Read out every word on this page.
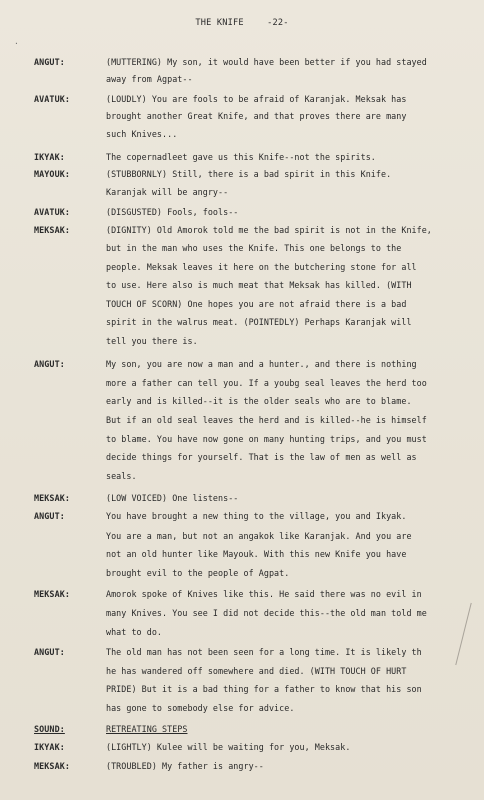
THE KNIFE	-22-
·
ANGUT:	(MUTTERING) My son, it would have been better if you had stayed
away from Agpat--
AVATUK:	(LOUDLY) You are fools to be afraid of Karanjak. Meksak has
brought another Great Knife, and that proves there are many
such Knives...
IKYAK:	The copernadleet gave us this Knife--not the spirits.
MAYOUK:	(STUBBORNLY) Still, there is a bad spirit in this Knife.
Karanjak will be angry--
AVATUK:	(DISGUSTED) Fools, fools--
MEKSAK:	(DIGNITY) Old Amorok told me the bad spirit is not in the Knife,
but in the man who uses the Knife. This one belongs to the
people. Meksak leaves it here on the butchering stone for all
to use. Here also is much meat that Meksak has killed. (WITH
TOUCH OF SCORN) One hopes you are not afraid there is a bad
spirit in the walrus meat. (POINTEDLY) Perhaps Karanjak will
tell you there is.
ANGUT:	My son, you are now a man and a hunter., and there is nothing
more a father can tell you. If a youbg seal leaves the herd too
early and is killed--it is the older seals who are to blame.
But if an old seal leaves the herd and is killed--he is himself
to blame. You have now gone on many hunting trips, and you must
decide things for yourself. That is the law of men as well as
seals.
MEKSAK:	(LOW VOICED) One listens--
ANGUT:	You have brought a new thing to the village, you and Ikyak.
You are a man, but not an angakok like Karanjak. And you are
not an old hunter like Mayouk. With this new Knife you have
brought evil to the people of Agpat.
MEKSAK:	Amorok spoke of Knives like this. He said there was no evil in
many Knives. You see I did not decide this--the old man told me
what to do.
ANGUT:	The old man has not been seen for a long time. It is likely th
he has wandered off somewhere and died. (WITH TOUCH OF HURT
PRIDE) But it is a bad thing for a father to know that his son
has gone to somebody else for advice.
SOUND:	RETREATING STEPS
IKYAK:	(LIGHTLY) Kulee will be waiting for you, Meksak.
MEKSAK:	(TROUBLED) My father is angry--
